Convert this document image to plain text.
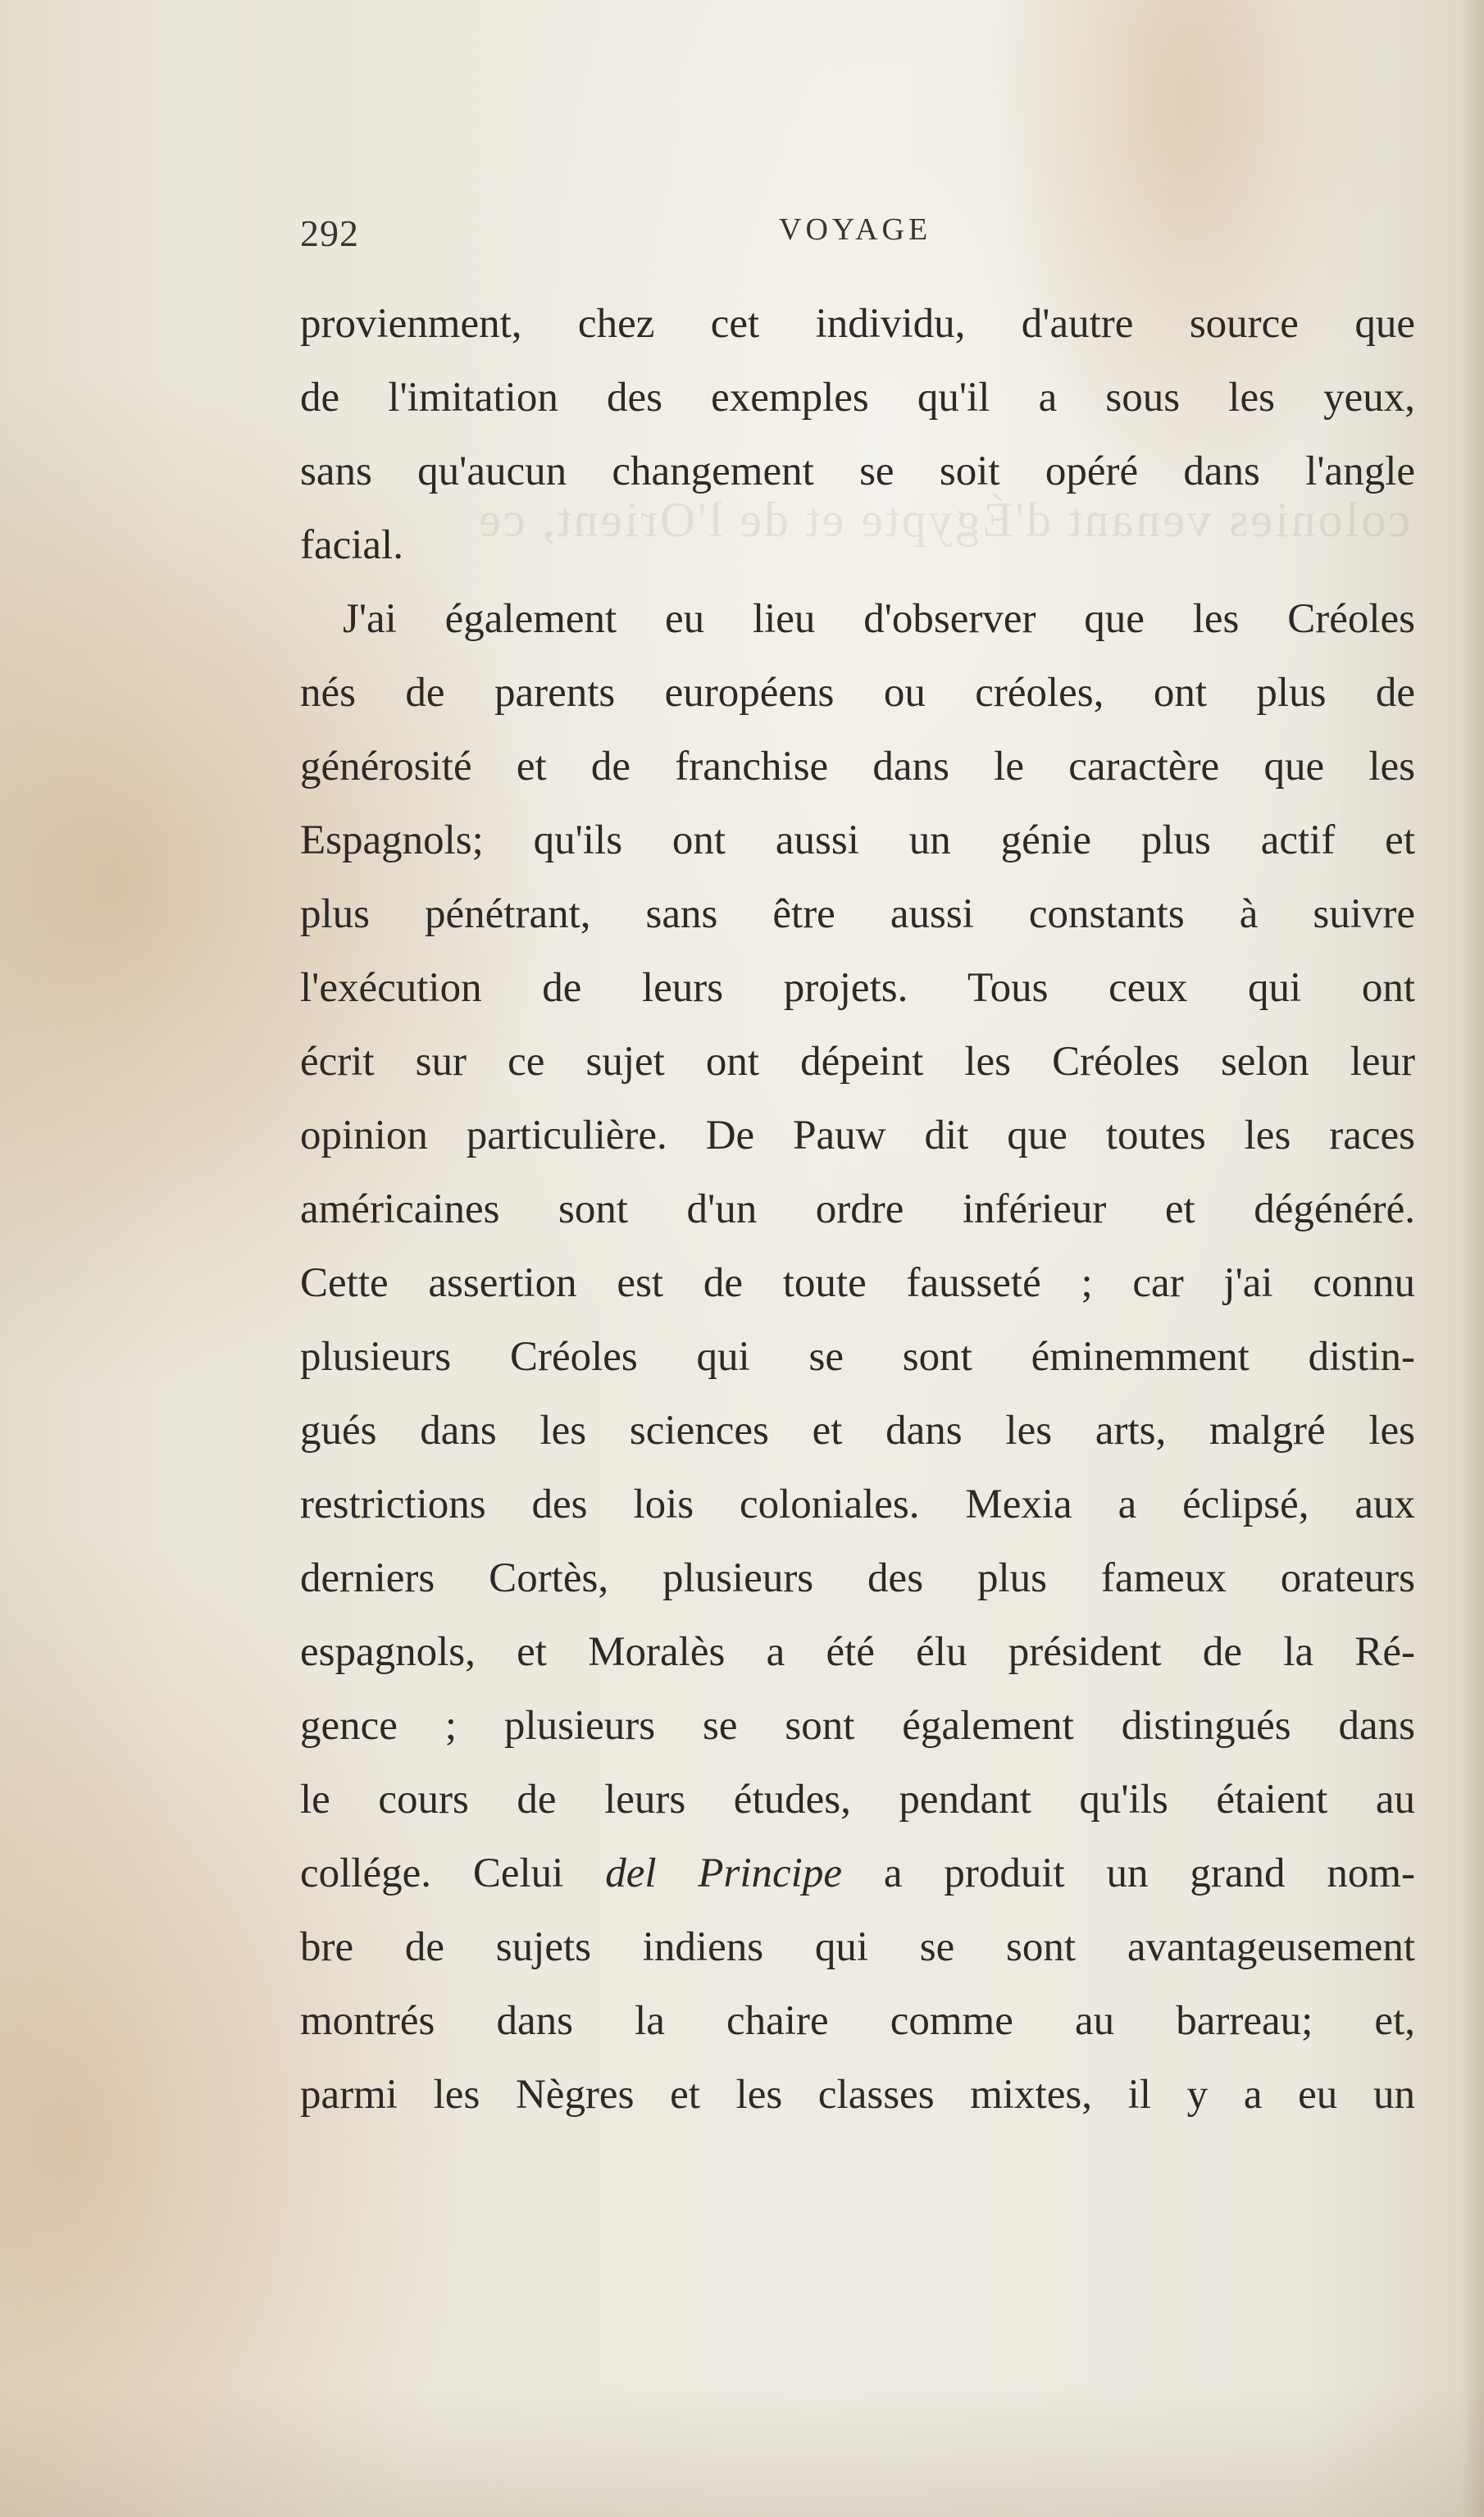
colonies venant d'Égypte et de l'Orient, ce
292	VOYAGE
provienment, chez cet individu, d'autre source que
de l'imitation des exemples qu'il a sous les yeux,
sans qu'aucun changement se soit opéré dans l'angle
facial.
J'ai également eu lieu d'observer que les Créoles
nés de parents européens ou créoles, ont plus de
générosité et de franchise dans le caractère que les
Espagnols; qu'ils ont aussi un génie plus actif et
plus pénétrant, sans être aussi constants à suivre
l'exécution de leurs projets. Tous ceux qui ont
écrit sur ce sujet ont dépeint les Créoles selon leur
opinion particulière. De Pauw dit que toutes les races
américaines sont d'un ordre inférieur et dégénéré.
Cette assertion est de toute fausseté ; car j'ai connu
plusieurs Créoles qui se sont éminemment distin-
gués dans les sciences et dans les arts, malgré les
restrictions des lois coloniales. Mexia a éclipsé, aux
derniers Cortès, plusieurs des plus fameux orateurs
espagnols, et Moralès a été élu président de la Ré-
gence ; plusieurs se sont également distingués dans
le cours de leurs études, pendant qu'ils étaient au
collége. Celui del Principe a produit un grand nom-
bre de sujets indiens qui se sont avantageusement
montrés dans la chaire comme au barreau; et,
parmi les Nègres et les classes mixtes, il y a eu un
